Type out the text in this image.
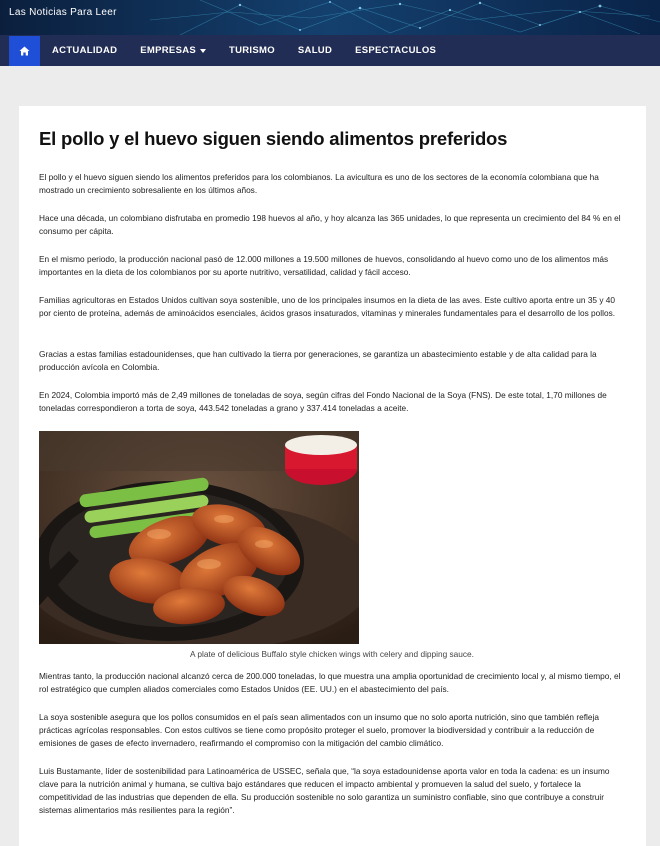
Las Noticias Para Leer
ACTUALIDAD EMPRESAS	TURISMO SALUD ESPECTACULOS
El pollo y el huevo siguen siendo alimentos preferidos

El pollo y el huevo siguen siendo los alimentos preferidos para los colombianos. La avicultura es uno de los sectores de la economía colombiana que ha mostrado un crecimiento sobresaliente en los últimos años.

Hace una década, un colombiano disfrutaba en promedio 198 huevos al año, y hoy alcanza las 365 unidades, lo que representa un crecimiento del 84 % en el consumo per cápita.

En el mismo periodo, la producción nacional pasó de 12.000 millones a 19.500 millones de huevos, consolidando al huevo como uno de los alimentos más importantes en la dieta de los colombianos por su aporte nutritivo, versatilidad, calidad y fácil acceso.

Familias agricultoras en Estados Unidos cultivan soya sostenible, uno de los principales insumos en la dieta de las aves. Este cultivo aporta entre un 35 y 40 por ciento de proteína, además de aminoácidos esenciales, ácidos grasos insaturados, vitaminas y minerales fundamentales para el desarrollo de los pollos.

Gracias a estas familias estadounidenses, que han cultivado la tierra por generaciones, se garantiza un abastecimiento estable y de alta calidad para la producción avícola en Colombia.

En 2024, Colombia importó más de 2,49 millones de toneladas de soya, según cifras del Fondo Nacional de la Soya (FNS). De este total, 1,70 millones de toneladas correspondieron a torta de soya, 443.542 toneladas a grano y 337.414 toneladas a aceite.

A plate of delicious Buffalo style chicken wings with celery and dipping sauce.

Mientras tanto, la producción nacional alcanzó cerca de 200.000 toneladas, lo que muestra una amplia oportunidad de crecimiento local y, al mismo tiempo, el rol estratégico que cumplen aliados comerciales como Estados Unidos (EE. UU.) en el abastecimiento del país.

La soya sostenible asegura que los pollos consumidos en el país sean alimentados con un insumo que no solo aporta nutrición, sino que también refleja prácticas agrícolas responsables. Con estos cultivos se tiene como propósito proteger el suelo, promover la biodiversidad y contribuir a la reducción de emisiones de gases de efecto invernadero, reafirmando el compromiso con la mitigación del cambio climático.

Luis Bustamante, líder de sostenibilidad para Latinoamérica de USSEC, señala que, “la soya estadounidense aporta valor en toda la cadena: es un insumo clave para la nutrición animal y humana, se cultiva bajo estándares que reducen el impacto ambiental y promueven la salud del suelo, y fortalece la competitividad de las industrias que dependen de ella. Su producción sostenible no solo garantiza un suministro confiable, sino que contribuye a construir sistemas alimentarios más resilientes para la región”.
